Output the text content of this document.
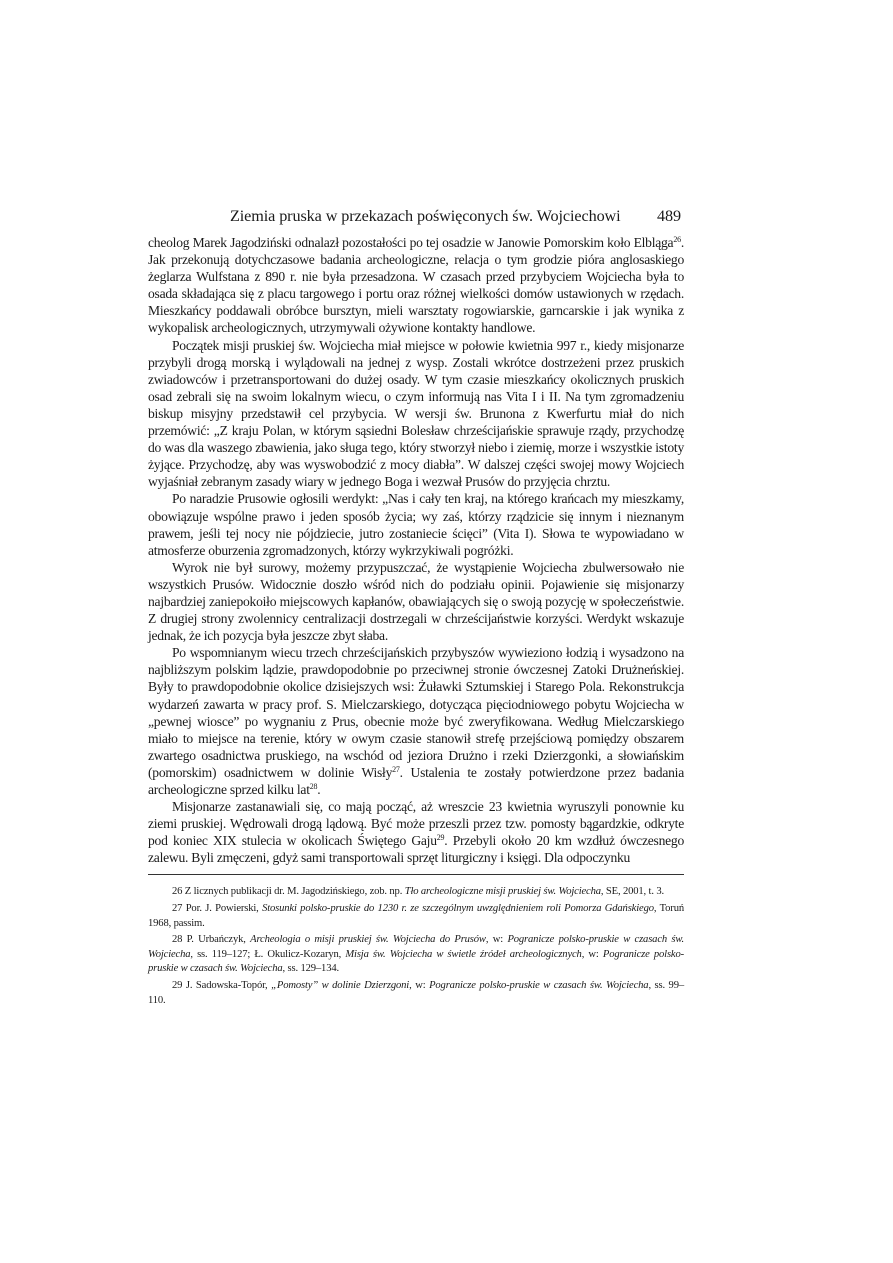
Ziemia pruska w przekazach poświęconych św. Wojciechowi 489

cheolog Marek Jagodziński odnalazł pozostałości po tej osadzie w Janowie Pomorskim koło Elbląga$^{26}$. Jak przekonują dotychczasowe badania archeologiczne, relacja o tym grodzie pióra anglosaskiego żeglarza Wulfstana z 890 r. nie była przesadzona. W czasach przed przybyciem Wojciecha była to osada składająca się z placu targowego i portu oraz różnej wielkości domów ustawionych w rzędach. Mieszkańcy poddawali obróbce bursztyn, mieli warsztaty rogowiarskie, garncarskie i jak wynika z wykopalisk archeologicznych, utrzymywali ożywione kontakty handlowe.

Początek misji pruskiej św. Wojciecha miał miejsce w połowie kwietnia 997 r., kiedy misjonarze przybyli drogą morską i wylądowali na jednej z wysp. Zostali wkrótce dostrzeżeni przez pruskich zwiadowców i przetransportowani do dużej osady. W tym czasie mieszkańcy okolicznych pruskich osad zebrali się na swoim lokalnym wiecu, o czym informują nas Vita I i II. Na tym zgromadzeniu biskup misyjny przedstawił cel przybycia. W wersji św. Brunona z Kwerfurtu miał do nich przemówić: „Z kraju Polan, w którym sąsiedni Bolesław chrześcijańskie sprawuje rządy, przychodzę do was dla waszego zbawienia, jako sługa tego, który stworzył niebo i ziemię, morze i wszystkie istoty żyjące. Przychodzę, aby was wyswobodzić z mocy diabła”. W dalszej części swojej mowy Wojciech wyjaśniał zebranym zasady wiary w jednego Boga i wezwał Prusów do przyjęcia chrztu.

Po naradzie Prusowie ogłosili werdykt: „Nas i cały ten kraj, na którego krańcach my mieszkamy, obowiązuje wspólne prawo i jeden sposób życia; wy zaś, którzy rządzicie się innym i nieznanym prawem, jeśli tej nocy nie pójdziecie, jutro zostaniecie ścięci” (Vita I). Słowa te wypowiadano w atmosferze oburzenia zgromadzonych, którzy wykrzykiwali pogróżki.

Wyrok nie był surowy, możemy przypuszczać, że wystąpienie Wojciecha zbulwersowało nie wszystkich Prusów. Widocznie doszło wśród nich do podziału opinii. Pojawienie się misjonarzy najbardziej zaniepokoiło miejscowych kapłanów, obawiających się o swoją pozycję w społeczeństwie. Z drugiej strony zwolennicy centralizacji dostrzegali w chrześcijaństwie korzyści. Werdykt wskazuje jednak, że ich pozycja była jeszcze zbyt słaba.

Po wspomnianym wiecu trzech chrześcijańskich przybyszów wywieziono łodzią i wysadzono na najbliższym polskim lądzie, prawdopodobnie po przeciwnej stronie ówczesnej Zatoki Drużneńskiej. Były to prawdopodobnie okolice dzisiejszych wsi: Żuławki Sztumskiej i Starego Pola. Rekonstrukcja wydarzeń zawarta w pracy prof. S. Mielczarskiego, dotycząca pięciodniowego pobytu Wojciecha w „pewnej wiosce” po wygnaniu z Prus, obecnie może być zweryfikowana. Według Mielczarskiego miało to miejsce na terenie, który w owym czasie stanowił strefę przejściową pomiędzy obszarem zwartego osadnictwa pruskiego, na wschód od jeziora Drużno i rzeki Dzierzgonki, a słowiańskim (pomorskim) osadnictwem w dolinie Wisły$^{27}$. Ustalenia te zostały potwierdzone przez badania archeologiczne sprzed kilku lat$^{28}$.

Misjonarze zastanawiali się, co mają począć, aż wreszcie 23 kwietnia wyruszyli ponownie ku ziemi pruskiej. Wędrowali drogą lądową. Być może przeszli przez tzw. pomosty bągardzkie, odkryte pod koniec XIX stulecia w okolicach Świętego Gaju$^{29}$. Przebyli około 20 km wzdłuż ówczesnego zalewu. Byli zmęczeni, gdyż sami transportowali sprzęt liturgiczny i księgi. Dla odpoczynku

26 Z licznych publikacji dr. M. Jagodzińskiego, zob. np. Tło archeologiczne misji pruskiej św. Wojciecha, SE, 2001, t. 3.

27 Por. J. Powierski, Stosunki polsko-pruskie do 1230 r. ze szczególnym uwzględnieniem roli Pomorza Gdańskiego, Toruń 1968, passim.

28 P. Urbańczyk, Archeologia o misji pruskiej św. Wojciecha do Prusów, w: Pogranicze polsko-pruskie w czasach św. Wojciecha, ss. 119–127; Ł. Okulicz-Kozaryn, Misja św. Wojciecha w świetle źródeł archeologicznych, w: Pogranicze polsko-pruskie w czasach św. Wojciecha, ss. 129–134.

29 J. Sadowska-Topór, „Pomosty” w dolinie Dzierzgoni, w: Pogranicze polsko-pruskie w czasach św. Wojciecha, ss. 99–110.
